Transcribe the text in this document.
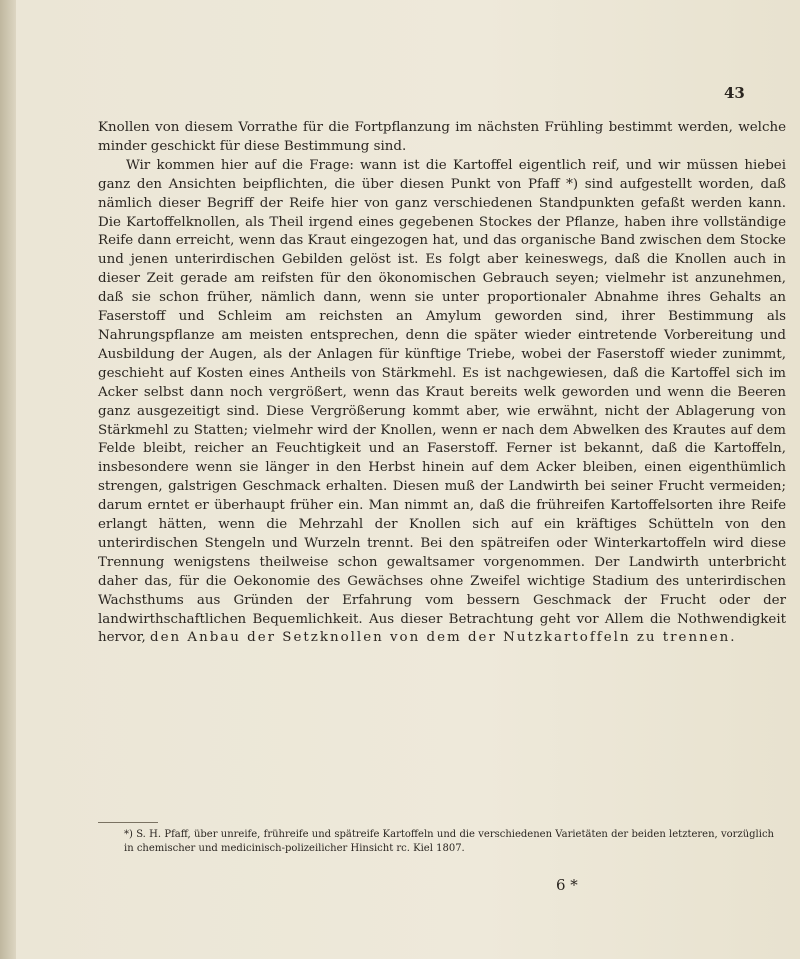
43

Knollen von diesem Vorrathe für die Fortpflanzung im nächsten Frühling bestimmt werden, welche minder geschickt für diese Bestimmung sind.

Wir kommen hier auf die Frage: wann ist die Kartoffel eigentlich reif, und wir müssen hiebei ganz den Ansichten beipflichten, die über diesen Punkt von Pfaff *) sind aufgestellt worden, daß nämlich dieser Begriff der Reife hier von ganz verschiedenen Standpunkten gefaßt werden kann. Die Kartoffelknollen, als Theil irgend eines gegebenen Stockes der Pflanze, haben ihre vollständige Reife dann erreicht, wenn das Kraut eingezogen hat, und das organische Band zwischen dem Stocke und jenen unterirdischen Gebilden gelöst ist. Es folgt aber keineswegs, daß die Knollen auch in dieser Zeit gerade am reifsten für den ökonomischen Gebrauch seyen; vielmehr ist anzunehmen, daß sie schon früher, nämlich dann, wenn sie unter proportionaler Abnahme ihres Gehalts an Faserstoff und Schleim am reichsten an Amylum geworden sind, ihrer Bestimmung als Nahrungspflanze am meisten entsprechen, denn die später wieder eintretende Vorbereitung und Ausbildung der Augen, als der Anlagen für künftige Triebe, wobei der Faserstoff wieder zunimmt, geschieht auf Kosten eines Antheils von Stärkmehl. Es ist nachgewiesen, daß die Kartoffel sich im Acker selbst dann noch vergrößert, wenn das Kraut bereits welk geworden und wenn die Beeren ganz ausgezeitigt sind. Diese Vergrößerung kommt aber, wie erwähnt, nicht der Ablagerung von Stärkmehl zu Statten; vielmehr wird der Knollen, wenn er nach dem Abwelken des Krautes auf dem Felde bleibt, reicher an Feuchtigkeit und an Faserstoff. Ferner ist bekannt, daß die Kartoffeln, insbesondere wenn sie länger in den Herbst hinein auf dem Acker bleiben, einen eigenthümlich strengen, galstrigen Geschmack erhalten. Diesen muß der Landwirth bei seiner Frucht vermeiden; darum erntet er überhaupt früher ein. Man nimmt an, daß die frühreifen Kartoffelsorten ihre Reife erlangt hätten, wenn die Mehrzahl der Knollen sich auf ein kräftiges Schütteln von den unterirdischen Stengeln und Wurzeln trennt. Bei den spätreifen oder Winterkartoffeln wird diese Trennung wenigstens theilweise schon gewaltsamer vorgenommen. Der Landwirth unterbricht daher das, für die Oekonomie des Gewächses ohne Zweifel wichtige Stadium des unterirdischen Wachsthums aus Gründen der Erfahrung vom bessern Geschmack der Frucht oder der landwirthschaftlichen Bequemlichkeit. Aus dieser Betrachtung geht vor Allem die Nothwendigkeit hervor, den Anbau der Setzknollen von dem der Nutzkartoffeln zu trennen.

*) S. H. Pfaff, über unreife, frühreife und spätreife Kartoffeln und die verschiedenen Varietäten der beiden letzteren, vorzüglich in chemischer und medicinisch-polizeilicher Hinsicht rc. Kiel 1807.
6 *
